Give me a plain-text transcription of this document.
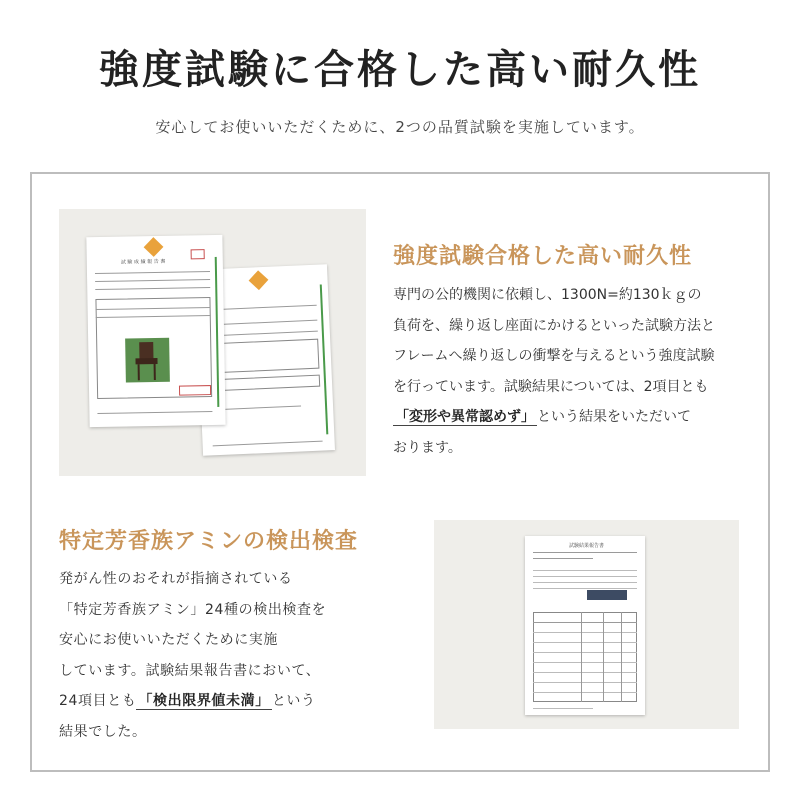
強度試験に合格した高い耐久性
安心してお使いいただくために、2つの品質試験を実施しています。
試 験 成 績 報 告 書	強度試験合格した高い耐久性
専門の公的機関に依頼し、1300N=約130ｋｇの
負荷を、繰り返し座面にかけるといった試験方法と
フレームへ繰り返しの衝撃を与えるという強度試験
を行っています。試験結果については、2項目とも
「変形や異常認めず」 という結果をいただいて
おります。
特定芳香族アミンの検出検査
発がん性のおそれが指摘されている
「特定芳香族アミン」24種の検出検査を
安心にお使いいただくために実施
しています。試験結果報告書において、
24項目とも 「検出限界値未満」 という
結果でした。
試験結果報告書
